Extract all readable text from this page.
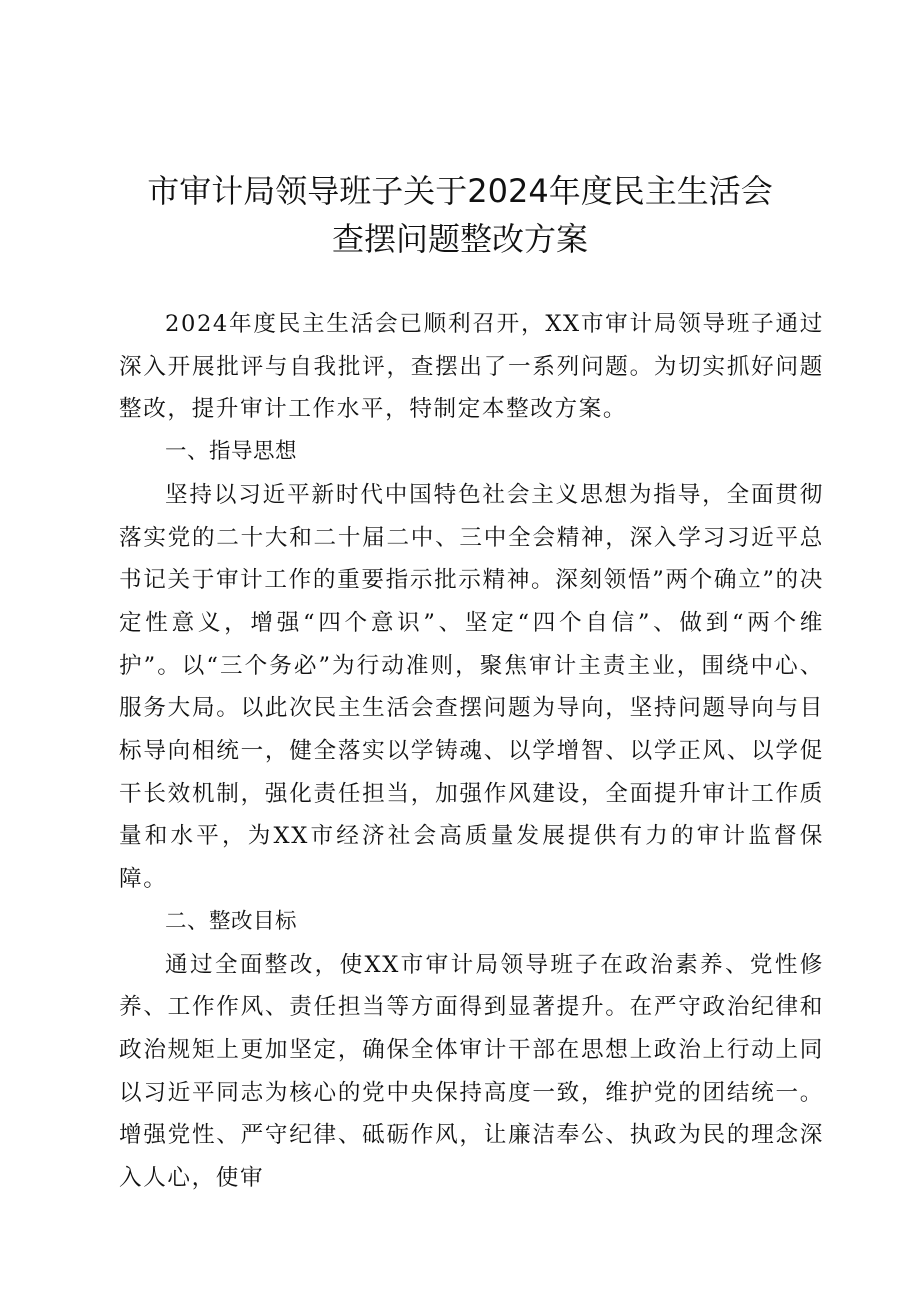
市审计局领导班子关于2024年度民主生活会
查摆问题整改方案

2024年度民主生活会已顺利召开，XX市审计局领导班子通过深入开展批评与自我批评，查摆出了一系列问题。为切实抓好问题整改，提升审计工作水平，特制定本整改方案。

一、指导思想

坚持以习近平新时代中国特色社会主义思想为指导，全面贯彻落实党的二十大和二十届二中、三中全会精神，深入学习习近平总书记关于审计工作的重要指示批示精神。深刻领悟”两个确立”的决定性意义，增强“四个意识”、坚定“四个自信”、做到“两个维护”。以“三个务必”为行动准则，聚焦审计主责主业，围绕中心、服务大局。以此次民主生活会查摆问题为导向，坚持问题导向与目标导向相统一，健全落实以学铸魂、以学增智、以学正风、以学促干长效机制，强化责任担当，加强作风建设，全面提升审计工作质量和水平，为XX市经济社会高质量发展提供有力的审计监督保障。

二、整改目标

通过全面整改，使XX市审计局领导班子在政治素养、党性修养、工作作风、责任担当等方面得到显著提升。在严守政治纪律和政治规矩上更加坚定，确保全体审计干部在思想上政治上行动上同以习近平同志为核心的党中央保持高度一致，维护党的团结统一。增强党性、严守纪律、砥砺作风，让廉洁奉公、执政为民的理念深入人心，使审
